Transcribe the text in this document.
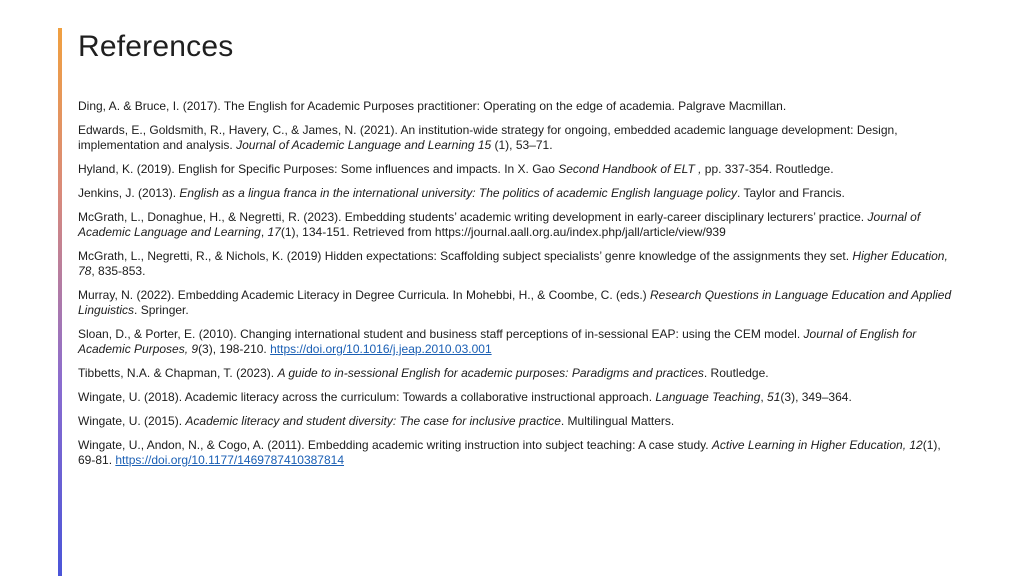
References
Ding, A. & Bruce, I. (2017). The English for Academic Purposes practitioner: Operating on the edge of academia. Palgrave Macmillan.
Edwards, E., Goldsmith, R., Havery, C., & James, N. (2021). An institution-wide strategy for ongoing, embedded academic language development: Design, implementation and analysis. Journal of Academic Language and Learning 15 (1), 53–71.
Hyland, K. (2019). English for Specific Purposes: Some influences and impacts. In X. Gao Second Handbook of ELT , pp. 337-354. Routledge.
Jenkins, J. (2013). English as a lingua franca in the international university: The politics of academic English language policy. Taylor and Francis.
McGrath, L., Donaghue, H., & Negretti, R. (2023). Embedding students’ academic writing development in early-career disciplinary lecturers’ practice. Journal of Academic Language and Learning, 17(1), 134-151. Retrieved from https://journal.aall.org.au/index.php/jall/article/view/939
McGrath, L., Negretti, R., & Nichols, K. (2019) Hidden expectations: Scaffolding subject specialists’ genre knowledge of the assignments they set. Higher Education, 78, 835-853.
Murray, N. (2022). Embedding Academic Literacy in Degree Curricula. In Mohebbi, H., & Coombe, C. (eds.) Research Questions in Language Education and Applied Linguistics. Springer.
Sloan, D., & Porter, E. (2010). Changing international student and business staff perceptions of in-sessional EAP: using the CEM model. Journal of English for Academic Purposes, 9(3), 198-210. https://doi.org/10.1016/j.jeap.2010.03.001
Tibbetts, N.A. & Chapman, T. (2023). A guide to in-sessional English for academic purposes: Paradigms and practices. Routledge.
Wingate, U. (2018). Academic literacy across the curriculum: Towards a collaborative instructional approach. Language Teaching, 51(3), 349–364.
Wingate, U. (2015). Academic literacy and student diversity: The case for inclusive practice. Multilingual Matters.
Wingate, U., Andon, N., & Cogo, A. (2011). Embedding academic writing instruction into subject teaching: A case study. Active Learning in Higher Education, 12(1), 69-81. https://doi.org/10.1177/1469787410387814
